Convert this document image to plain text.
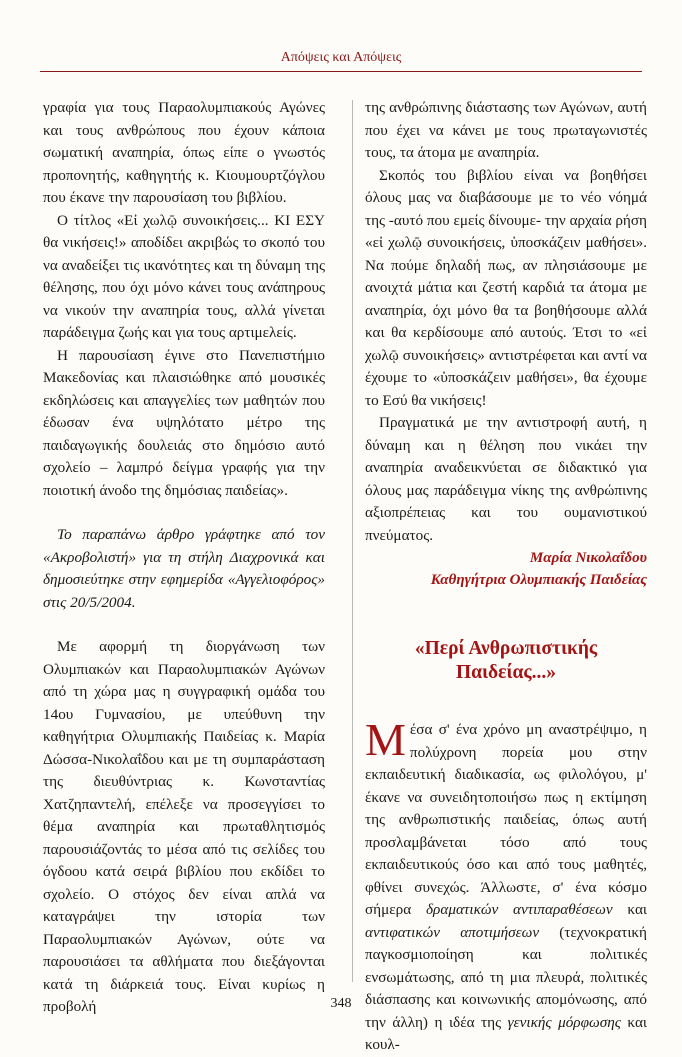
Απόψεις και Απόψεις

γραφία για τους Παραολυμπιακούς Αγώνες και τους ανθρώπους που έχουν κάποια σωματική αναπηρία, όπως είπε ο γνωστός προπονητής, καθηγητής κ. Κιουμουρτζόγλου που έκανε την παρουσίαση του βιβλίου.

Ο τίτλος «Εἰ χωλῷ συνοικήσεις... ΚΙ ΕΣΥ θα νικήσεις!» αποδίδει ακριβώς το σκοπό του να αναδείξει τις ικανότητες και τη δύναμη της θέλησης, που όχι μόνο κάνει τους ανάπηρους να νικούν την αναπηρία τους, αλλά γίνεται παράδειγμα ζωής και για τους αρτιμελείς.

Η παρουσίαση έγινε στο Πανεπιστήμιο Μακεδονίας και πλαισιώθηκε από μουσικές εκδηλώσεις και απαγγελίες των μαθητών που έδωσαν ένα υψηλότατο μέτρο της παιδαγωγικής δουλειάς στο δημόσιο αυτό σχολείο – λαμπρό δείγμα γραφής για την ποιοτική άνοδο της δημόσιας παιδείας».

Το παραπάνω άρθρο γράφτηκε από τον «Ακροβολιστή» για τη στήλη Διαχρονικά και δημοσιεύτηκε στην εφημερίδα «Αγγελιοφόρος» στις 20/5/2004.

Με αφορμή τη διοργάνωση των Ολυμπιακών και Παραολυμπιακών Αγώνων από τη χώρα μας η συγγραφική ομάδα του 14ου Γυμνασίου, με υπεύθυνη την καθηγήτρια Ολυμπιακής Παιδείας κ. Μαρία Δώσσα-Νικολαΐδου και με τη συμπαράσταση της διευθύντριας κ. Κωνσταντίας Χατζηπαντελή, επέλεξε να προσεγγίσει το θέμα αναπηρία και πρωταθλητισμός παρουσιάζοντάς το μέσα από τις σελίδες του όγδοου κατά σειρά βιβλίου που εκδίδει το σχολείο. Ο στόχος δεν είναι απλά να καταγράψει την ιστορία των Παραολυμπιακών Αγώνων, ούτε να παρουσιάσει τα αθλήματα που διεξάγονται κατά τη διάρκειά τους. Είναι κυρίως η προβολή

της ανθρώπινης διάστασης των Αγώνων, αυτή που έχει να κάνει με τους πρωταγωνιστές τους, τα άτομα με αναπηρία.

Σκοπός του βιβλίου είναι να βοηθήσει όλους μας να διαβάσουμε με το νέο νόημά της -αυτό που εμείς δίνουμε- την αρχαία ρήση «εἰ χωλῷ συνοικήσεις, ὑποσκάζειν μαθήσει». Να πούμε δηλαδή πως, αν πλησιάσουμε με ανοιχτά μάτια και ζεστή καρδιά τα άτομα με αναπηρία, όχι μόνο θα τα βοηθήσουμε αλλά και θα κερδίσουμε από αυτούς. Έτσι το «εἰ χωλῷ συνοικήσεις» αντιστρέφεται και αντί να έχουμε το «ὑποσκάζειν μαθήσει», θα έχουμε το Εσύ θα νικήσεις!

Πραγματικά με την αντιστροφή αυτή, η δύναμη και η θέληση που νικάει την αναπηρία αναδεικνύεται σε διδακτικό για όλους μας παράδειγμα νίκης της ανθρώπινης αξιοπρέπειας και του ουμανιστικού πνεύματος.

Μαρία Νικολαΐδου
Καθηγήτρια Ολυμπιακής Παιδείας
«Περί Ανθρωπιστικής Παιδείας...»

Μέσα σ' ένα χρόνο μη αναστρέψιμο, η πολύχρονη πορεία μου στην εκπαιδευτική διαδικασία, ως φιλολόγου, μ' έκανε να συνειδητοποιήσω πως η εκτίμηση της ανθρωπιστικής παιδείας, όπως αυτή προσλαμβάνεται τόσο από τους εκπαιδευτικούς όσο και από τους μαθητές, φθίνει συνεχώς. Άλλωστε, σ' ένα κόσμο σήμερα δραματικών αντιπαραθέσεων και αντιφατικών αποτιμήσεων (τεχνοκρατική παγκοσμιοποίηση και πολιτικές ενσωμάτωσης, από τη μια πλευρά, πολιτικές διάσπασης και κοινωνικής απομόνωσης, από την άλλη) η ιδέα της γενικής μόρφωσης και κουλ-

348
